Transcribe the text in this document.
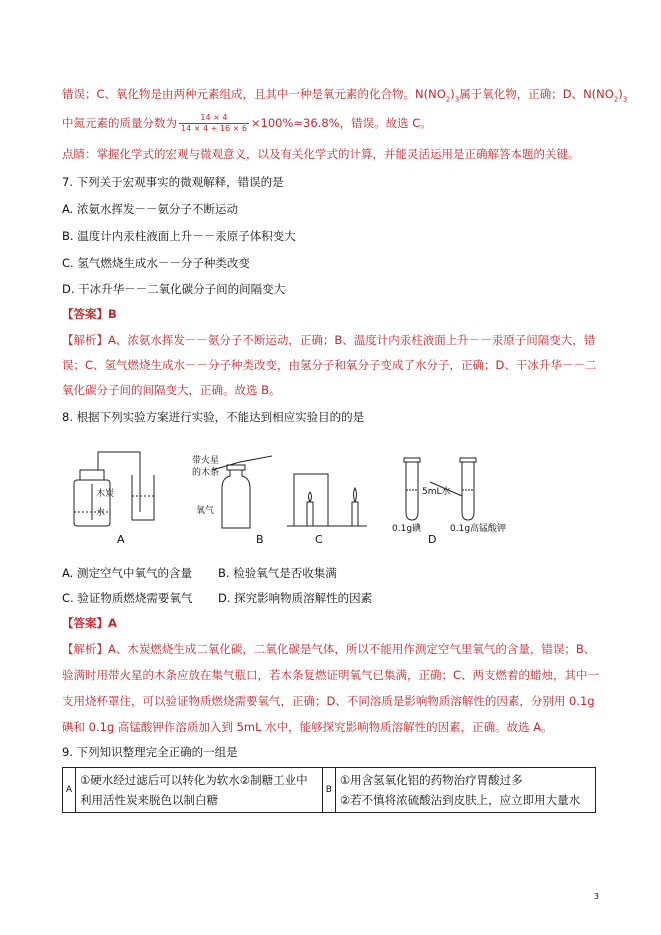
错误；C、氧化物是由两种元素组成，且其中一种是氧元素的化合物。$N(NO_2)_3$属于氧化物，正确；D、$N(NO_2)_3$
中氮元素的质量分数为 $\frac{14 \times 4}{14 \times 4 + 16 \times 6} \times 100\%\approx 36.8\%$，错误。故选 C。
点睛：掌握化学式的宏观与微观意义，以及有关化学式的计算，并能灵活运用是正确解答本题的关键。
7. 下列关于宏观事实的微观解释，错误的是
A. 浓氨水挥发－－氨分子不断运动
B. 温度计内汞柱液面上升－－汞原子体积变大
C. 氢气燃烧生成水－－分子种类改变
D. 干冰升华－－二氧化碳分子间的间隔变大
【答案】B
【解析】A、浓氨水挥发－－氨分子不断运动，正确；B、温度计内汞柱液面上升－－汞原子间隔变大，错
误；C、氢气燃烧生成水－－分子种类改变，由氢分子和氧分子变成了水分子，正确；D、干冰升华－－二
氧化碳分子间的间隔变大，正确。故选 B。
8. 根据下列实验方案进行实验，不能达到相应实验目的的是
木炭
水
A
带火星
的木条
氧气
B	C
5mL水
0.1g碘	0.1g高锰酸钾
D
A. 测定空气中氧气的含量 B. 检验氧气是否收集满
C. 验证物质燃烧需要氧气 D. 探究影响物质溶解性的因素
【答案】A
【解析】A、木炭燃烧生成二氧化碳，二氧化碳是气体，所以不能用作测定空气里氧气的含量，错误；B、
验满时用带火星的木条应放在集气瓶口，若木条复燃证明氧气已集满，正确；C、两支燃着的蜡烛，其中一
支用烧杯罩住，可以验证物质燃烧需要氧气，正确；D、不同溶质是影响物质溶解性的因素，分别用 0.1g
碘和 0.1g 高锰酸钾作溶质加入到 5mL 水中，能够探究影响物质溶解性的因素，正确。故选 A。
9. 下列知识整理完全正确的一组是
A	
①硬水经过滤后可以转化为软水②制糖工业中
利用活性炭来脱色以制白糖
	B	
①用含氢氧化铝的药物治疗胃酸过多
②若不慎将浓硫酸沾到皮肤上，应立即用大量水
3
